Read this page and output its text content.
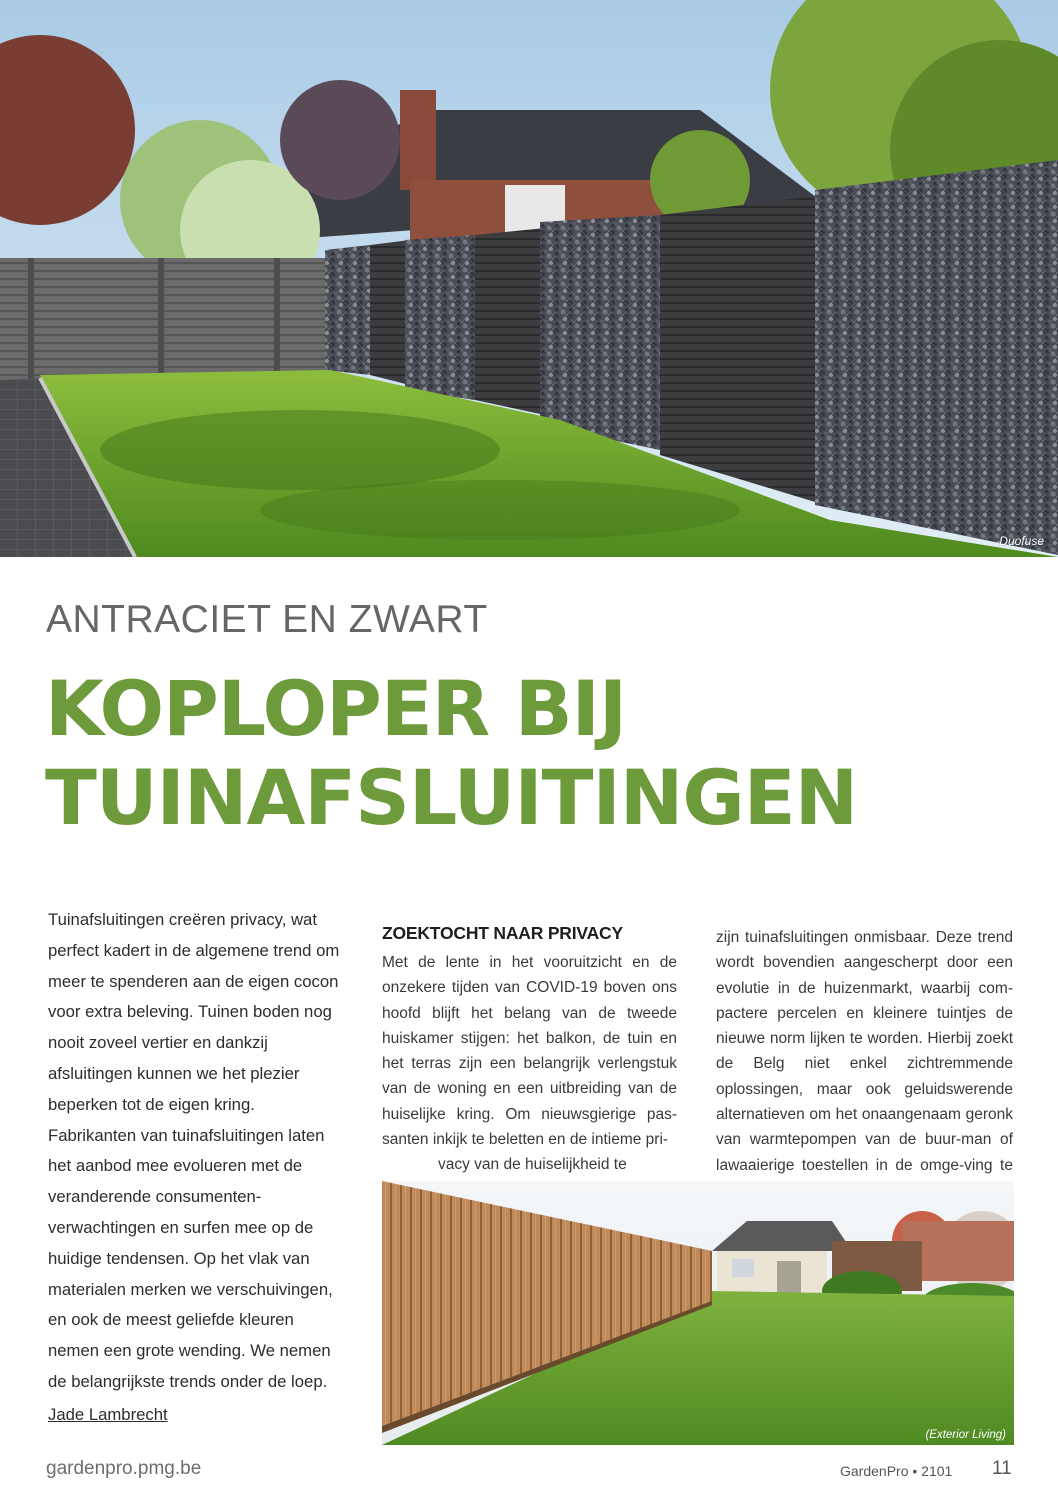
Duofuse
ANTRACIET EN ZWART
KOPLOPER BIJ
TUINAFSLUITINGEN

Tuinafsluitingen creëren privacy, wat perfect kadert in de algemene trend om meer te spenderen aan de eigen cocon voor extra beleving. Tuinen boden nog nooit zoveel vertier en dankzij afsluitingen kunnen we het plezier beperken tot de eigen kring. Fabrikanten van tuinafsluitingen laten het aanbod mee evolueren met de veranderende consumenten-verwachtingen en surfen mee op de huidige tendensen. Op het vlak van materialen merken we verschuivingen, en ook de meest geliefde kleuren nemen een grote wending. We nemen de belangrijkste trends onder de loep.

Jade Lambrecht
ZOEKTOCHT NAAR PRIVACY
Met de lente in het vooruitzicht en de onzekere tijden van COVID-19 boven ons hoofd blijft het belang van de tweede huiskamer stijgen: het balkon, de tuin en het terras zijn een belangrijk verlengstuk van de woning en een uitbreiding van de huiselijke kring. Om nieuwsgierige pas-santen inkijk te beletten en de intieme pri-
vacy van de huiselijkheid te
zijn tuinafsluitingen onmisbaar. Deze trend wordt bovendien aangescherpt door een evolutie in de huizenmarkt, waarbij com-pactere percelen en kleinere tuintjes de nieuwe norm lijken te worden. Hierbij zoekt de Belg niet enkel zichtremmende oplossingen, maar ook geluidswerende alternatieven om het onaangenaam geronk van warmtepompen van de buur-man of lawaaierige toestellen in de omge-ving te
(Exterior Living)
gardenpro.pmg.be	GardenPro • 2101 11
